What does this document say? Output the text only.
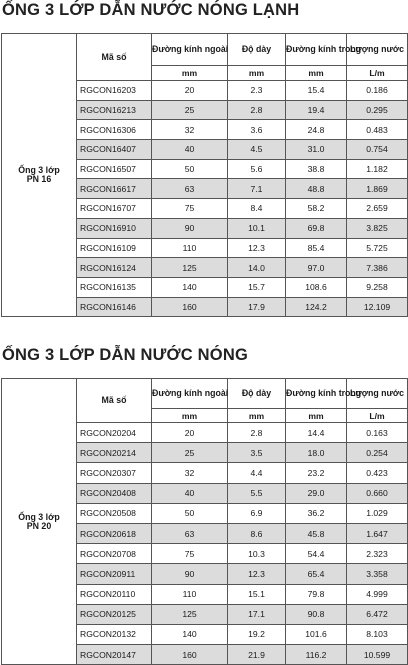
ỐNG 3 LỚP DẪN NƯỚC NÓNG LẠNH
Ống 3 lớp
PN 16	Mã số	Đường kính ngoài	Độ dày	Đường kính trong	Lượng nước
		mm	mm	mm	L/m
	RGCON16203	20	2.3	15.4	0.186
	RGCON16213	25	2.8	19.4	0.295
	RGCON16306	32	3.6	24.8	0.483
	RGCON16407	40	4.5	31.0	0.754
	RGCON16507	50	5.6	38.8	1.182
	RGCON16617	63	7.1	48.8	1.869
	RGCON16707	75	8.4	58.2	2.659
	RGCON16910	90	10.1	69.8	3.825
	RGCON16109	110	12.3	85.4	5.725
	RGCON16124	125	14.0	97.0	7.386
	RGCON16135	140	15.7	108.6	9.258
	RGCON16146	160	17.9	124.2	12.109
ỐNG 3 LỚP DẪN NƯỚC NÓNG
Ống 3 lớp
PN 20	Mã số	Đường kính ngoài	Độ dày	Đường kính trong	Lượng nước
		mm	mm	mm	L/m
	RGCON20204	20	2.8	14.4	0.163
	RGCON20214	25	3.5	18.0	0.254
	RGCON20307	32	4.4	23.2	0.423
	RGCON20408	40	5.5	29.0	0.660
	RGCON20508	50	6.9	36.2	1.029
	RGCON20618	63	8.6	45.8	1.647
	RGCON20708	75	10.3	54.4	2.323
	RGCON20911	90	12.3	65.4	3.358
	RGCON20110	110	15.1	79.8	4.999
	RGCON20125	125	17.1	90.8	6.472
	RGCON20132	140	19.2	101.6	8.103
	RGCON20147	160	21.9	116.2	10.599
